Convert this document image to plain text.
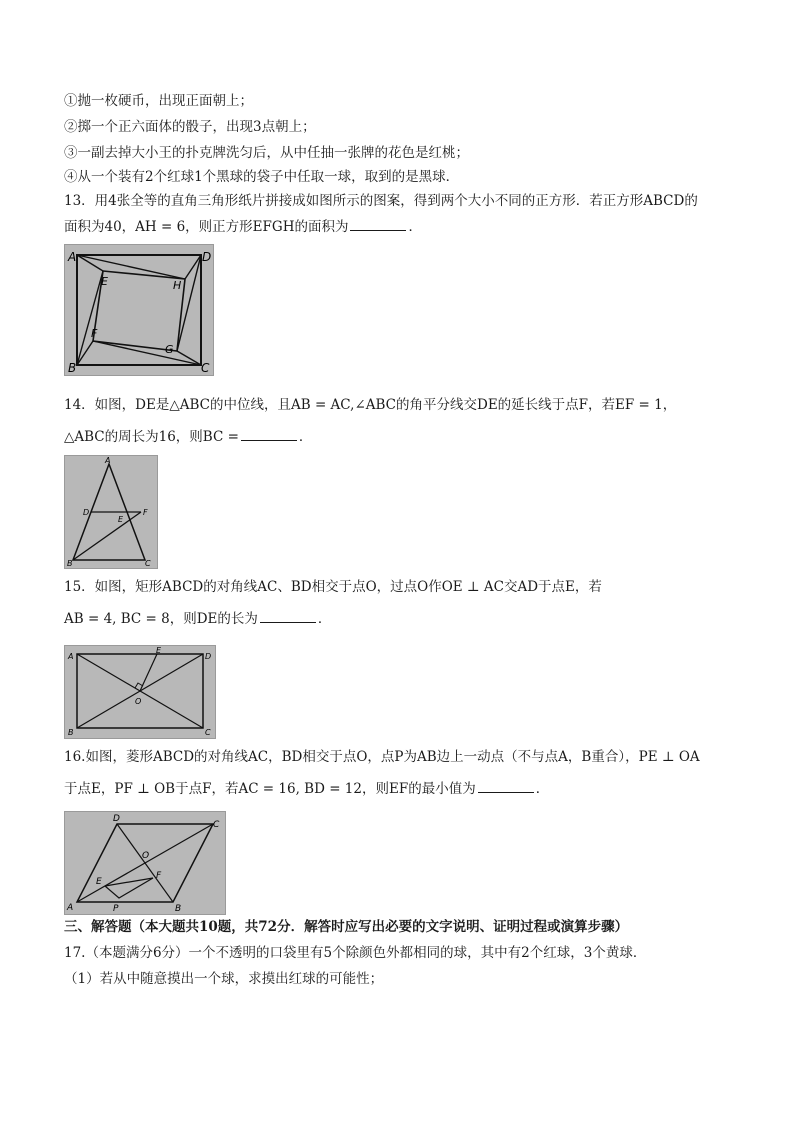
①抛一枚硬币，出现正面朝上；
②掷一个正六面体的骰子，出现3点朝上；
③一副去掉大小王的扑克牌洗匀后，从中任抽一张牌的花色是红桃；
④从一个装有2个红球1个黑球的袋子中任取一球，取到的是黑球．
13．用4张全等的直角三角形纸片拼接成如图所示的图案，得到两个大小不同的正方形．若正方形ABCD的
面积为40，AH = 6，则正方形EFGH的面积为	．
A	D
E	H
F
G
B	C
14．如图，DE是△ABC的中位线，且AB = AC,∠ABC的角平分线交DE的延长线于点F，若EF = 1，
△ABC的周长为16，则BC =	．
A
D
E
F
B	C
15．如图，矩形ABCD的对角线AC、BD相交于点O，过点O作OE ⊥ AC交AD于点E，若
AB = 4, BC = 8，则DE的长为	．
A
E
D
O
B	C
16.如图，菱形ABCD的对角线AC，BD相交于点O，点P为AB边上一动点（不与点A，B重合），PE ⊥ OA
于点E，PF ⊥ OB于点F，若AC = 16, BD = 12，则EF的最小值为	．
D
C
O
E
F
A	P	B
三、解答题（本大题共10题，共72分．解答时应写出必要的文字说明、证明过程或演算步骤）
17.（本题满分6分）一个不透明的口袋里有5个除颜色外都相同的球，其中有2个红球，3个黄球．
（1）若从中随意摸出一个球，求摸出红球的可能性；
